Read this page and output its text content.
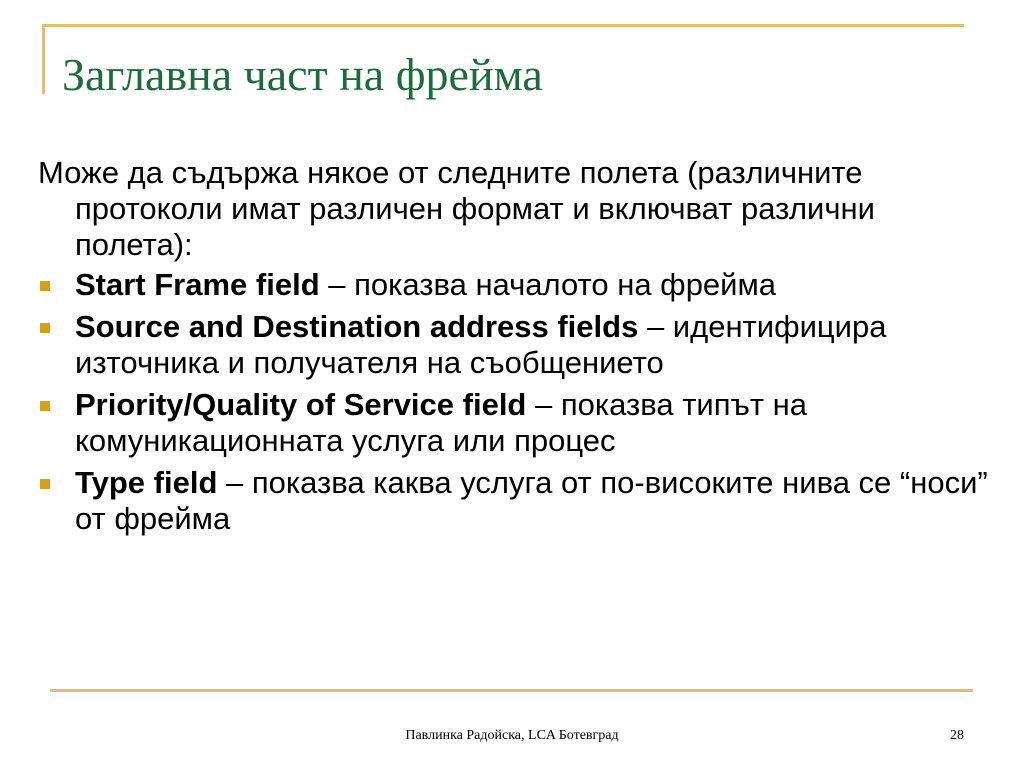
Заглавна част на фрейма

Може да съдържа някое от следните полета (различните протоколи имат различен формат и включват различни полета):

Start Frame field – показва началото на фрейма
Source and Destination address fields – идентифицира източника и получателя на съобщението
Priority/Quality of Service field – показва типът на комуникационната услуга или процес
Type field – показва каква услуга от по-високите нива се “носи” от фрейма
Павлинка Радойска, LCA Ботевград	28
